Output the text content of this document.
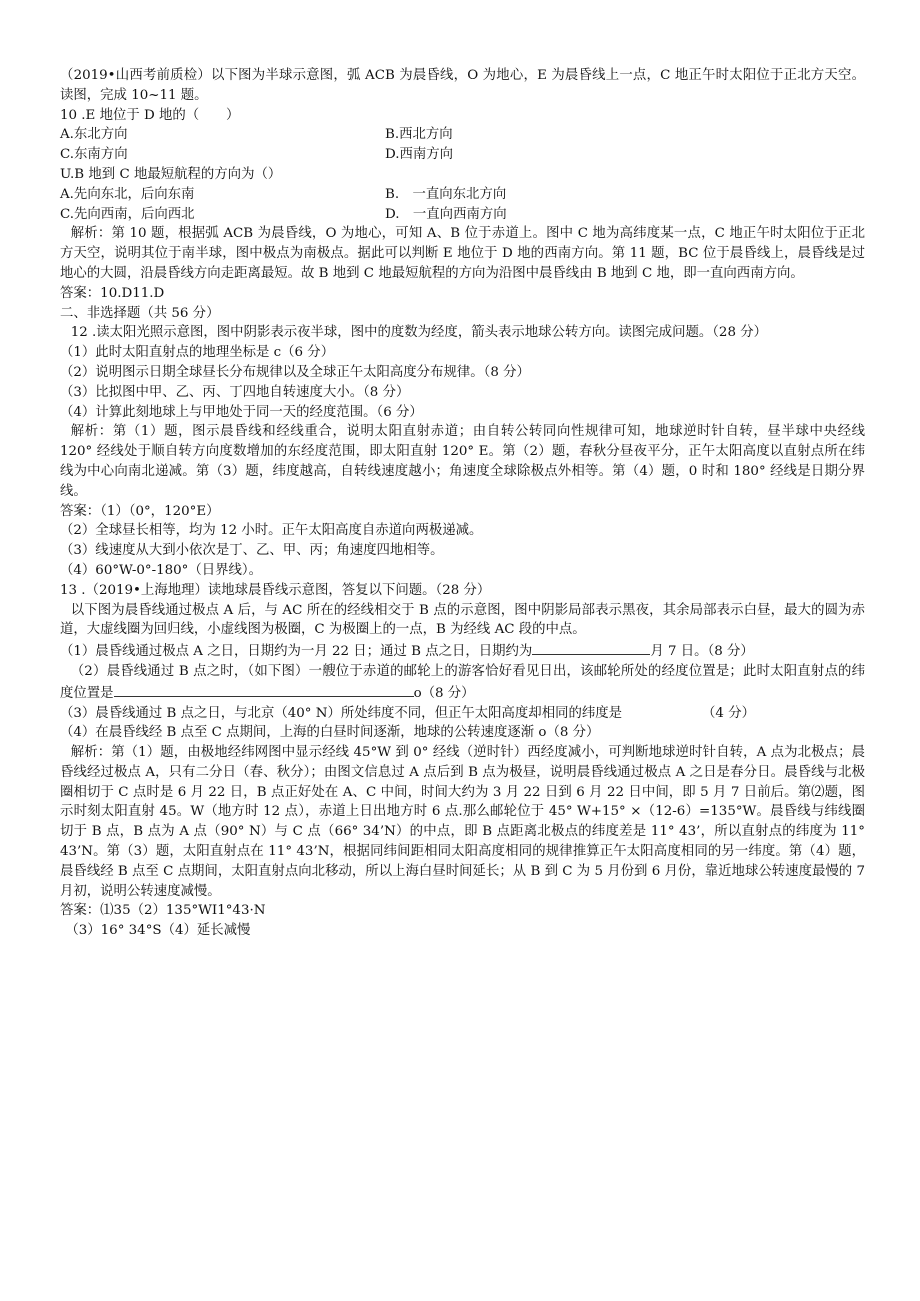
（2019•山西考前质检）以下图为半球示意图，弧 ACB 为晨昏线，O 为地心，E 为晨昏线上一点，C 地正午时太阳位于正北方天空。读图，完成 10~11 题。

10 .E 地位于 D 地的（　　）

A.东北方向	B.西北方向
C.东南方向	D.西南方向

U.B 地到 C 地最短航程的方向为（）

A.先向东北，后向东南	B.　一直向东北方向
C.先向西南，后向西北	D.　一直向西南方向

解析：第 10 题，根据弧 ACB 为晨昏线，O 为地心，可知 A、B 位于赤道上。图中 C 地为高纬度某一点，C 地正午时太阳位于正北方天空，说明其位于南半球，图中极点为南极点。据此可以判断 E 地位于 D 地的西南方向。第 11 题，BC 位于晨昏线上，晨昏线是过地心的大圆，沿晨昏线方向走距离最短。故 B 地到 C 地最短航程的方向为沿图中晨昏线由 B 地到 C 地，即一直向西南方向。

答案：10.D11.D

二、非选择题（共 56 分）

12 .读太阳光照示意图，图中阴影表示夜半球，图中的度数为经度，箭头表示地球公转方向。读图完成问题。（28 分）

（1）此时太阳直射点的地理坐标是 c（6 分）

（2）说明图示日期全球昼长分布规律以及全球正午太阳高度分布规律。（8 分）

（3）比拟图中甲、乙、丙、丁四地自转速度大小。（8 分）

（4）计算此刻地球上与甲地处于同一天的经度范围。（6 分）

解析：第（1）题，图示晨昏线和经线重合，说明太阳直射赤道；由自转公转同向性规律可知，地球逆时针自转，昼半球中央经线 120° 经线处于顺自转方向度数增加的东经度范围，即太阳直射 120° E。第（2）题，春秋分昼夜平分，正午太阳高度以直射点所在纬线为中心向南北递减。第（3）题，纬度越高，自转线速度越小；角速度全球除极点外相等。第（4）题，0 时和 180° 经线是日期分界线。

答案：（1）（0°，120°E）

（2）全球昼长相等，均为 12 小时。正午太阳高度自赤道向两极递减。

（3）线速度从大到小依次是丁、乙、甲、丙；角速度四地相等。

（4）60°W-0°-180°（日界线）。

13 .（2019•上海地理）读地球晨昏线示意图，答复以下问题。（28 分）

以下图为晨昏线通过极点 A 后，与 AC 所在的经线相交于 B 点的示意图，图中阴影局部表示黑夜，其余局部表示白昼，最大的圆为赤道，大虚线圈为回归线，小虚线图为极圈，C 为极圈上的一点，B 为经线 AC 段的中点。

（1）晨昏线通过极点 A 之日，日期约为一月 22 日；通过 B 点之日，日期约为	月 7 日。（8 分）

（2）晨昏线通过 B 点之时，（如下图）一艘位于赤道的邮轮上的游客恰好看见日出，该邮轮所处的经度位置是；此时太阳直射点的纬度位置是	o（8 分）

（3）晨昏线通过 B 点之日，与北京（40° N）所处纬度不同，但正午太阳高度却相同的纬度是	（4 分）

（4）在晨昏线经 B 点至 C 点期间，上海的白昼时间逐渐，地球的公转速度逐渐 o（8 分）

解析：第（1）题，由极地经纬网图中显示经线 45°W 到 0° 经线（逆时针）西经度减小，可判断地球逆时针自转，A 点为北极点；晨昏线经过极点 A，只有二分日（春、秋分）；由图文信息过 A 点后到 B 点为极昼，说明晨昏线通过极点 A 之日是春分日。晨昏线与北极圈相切于 C 点时是 6 月 22 日，B 点正好处在 A、C 中间，时间大约为 3 月 22 日到 6 月 22 日中间，即 5 月 7 日前后。第⑵题，图示时刻太阳直射 45。W（地方时 12 点），赤道上日出地方时 6 点.那么邮轮位于 45° W+15° ×（12-6）=135°W。晨昏线与纬线圈切于 B 点，B 点为 A 点（90° N）与 C 点（66° 34’N）的中点，即 B 点距离北极点的纬度差是 11° 43’，所以直射点的纬度为 11° 43’N。第（3）题，太阳直射点在 11° 43’N，根据同纬间距相同太阳高度相同的规律推算正午太阳高度相同的另一纬度。第（4）题，晨昏线经 B 点至 C 点期间，太阳直射点向北移动，所以上海白昼时间延长；从 B 到 C 为 5 月份到 6 月份，靠近地球公转速度最慢的 7 月初，说明公转速度减慢。

答案：⑴35（2）135°WI1°43·N

（3）16° 34°S（4）延长减慢
